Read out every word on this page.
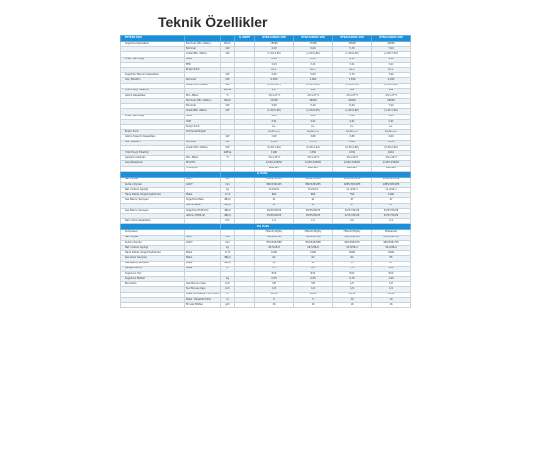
Teknik Özellikler
EPYLEO PRO			Iç ÜNITE	RTSA170DPA V08	RTSA191DPA V08	RTSA211DPA V08	RTSA231DPA V08
Soğutma Kapasitesi	Nominal (Min.-Maks.)	Btu/h		15000	17000	19500	24000
	Nominal	kW		4,20	5,00	5,70	7,00
	Aralık(Min.-Maks)	kW		(1,30-4,60)	(1,30-5,60)	(1,30-6,30)	(1,30-7,20)
Enerji Verimliliği	SEER			6,10	6,10	6,10	6,10
	EER			3,23	3,21	3,21	3,21
	Enerji Sınıfı			A++	A++	A++	A++
Soğutma Tasarım Kapasitesi		kW		4,20	5,00	5,70	7,00
Güç Tüketimi	Nominal	kW		0,950	1,062	1,590	2,180
	Aralık (Min.-Maks.)	kW		(0,30-1,67)	(0,30-1,92)	(0,30-2,50)	(0,30-2,80)
Yıllık Enerji Tüketimi		kWh/a		147	184	284	282
Isıtma Kapasitesi	Min.-Maks.	°C		-15/+27°C	-15/+27°C	-15/+27°C	-15/+27°C
	Nominal (Min.-Maks.)	Btu/h		17000	18000	22000	26000
	Nominal	kW		4,50	5,20	6,20	7,20
	Aralık(Min.-Maks)	kW		(1,30-5,00)	(1,30-6,00)	(1,30-6,80)	(1,30-7,60)
Enerji Verimliliği	SCOP			4,00	4,00	4,00	4,00
	COP			3,51	3,41	3,41	3,41
	Enerji Sınıfı			A+	A+	A+	A+
Enerji Sınıfı	Ort./Sıcak/Soğuk			A+/A+++	A+/A+++	A+/A+++	A+/A+++
Isıtma Tasarım Kapasitesi		kW		3,40	3,80	3,80	4,60
Güç Tüketimi	Nominal	kW		1,200	1,370	1,820	2,100
	Aralık (Min.-Maks.)	kW		(0,30-1,90)	(0,30-2,20)	(0,30-2,60)	(0,30-2,90)
Yıllık Enerji Tüketimi		kWh/a		1190	1330	1330	1610
Çalışma Aralıkları	Min.-Maks.	°C		-15/+24°C	-15/+24°C	-15/+24°C	-15/+24°C
Güç Beslemesi	Ph/V/Hz			1/220-240/50	1/220-240/50	1/220-240/50	1/220-240/50
	Fonksiyon			standart	standart	standart	standart
		Iç Ünite					
Net Ölçüler	G/D/Y	mm		836/275/209	836/275/209	1038/325/219	1038/325/219
Kutulu Ölçüler	G/D/Y	mm		880/345/265	880/345/265	1085/395/285	1085/395/285
Net / Kutulu Ağırlığı		kg		8,4/10,6	8,4/10,6	11,4/14,1	11,4/14,1
Hava Debisi (Soğutma/Isıtma)	Maks.	m³/h		660	660	750	1200
Ses Basınç Seviyesi	Soğutma Maks.	dB(A)		41	41	47	47
	Isıtma Maks.	dB(A)		41	41	47	47
Ses Basınç Seviyesi	Soğutma (H/M/L/S)	dB(A)		39/35/29/23	39/35/29/23	42/37/32/29	43/37/33/29
	Isıtma (H/M/L/S)	dB(A)		39/35/29/23	39/35/29/23	42/37/32/29	43/37/33/29
Nem Alma Kapasitesi		lt/h		1,2	1,5	2,0	2,4
		Dış Ünite					
Kompresör				Hitachi/Highly	Hitachi/Highly	Hitachi/Highly	Mitsubishi
Net Ölçüler	G/D/Y	mm		780/245/540	780/245/540	800/320/554	845/320/700
Kutulu Ölçüler	G/D/Y	mm		870/320/588	870/320/588	920/390/615	965/395/755
Net / Kutulu Ağırlığı		kg		26,5/28,8	26,5/28,8	33,8/36,2	42,0/46,0
Hava Debisi (Soğutma/Isıtma)	Maks.	m³/h		2100	2100	2500	2500
Ses Gücü Seviyesi	Maks.	dB(A)		62	62	64	65
Ses Basınç Seviyesi	Maks.	dB(A)		52	52	55	57
Çalışma Akımı	Maks.	A		5,7	6,2	7,9	10,2
Soğutucu Tipi				R32	R32	R32	R32
Soğutucu Miktarı		kg		0,55	0,55	0,75	1,00
Borulama	Gaz Borusu Çapı	inch		3/8	3/8	1/2	1/2
	Sıvı Borusu Çapı	inch		1/4	1/4	1/4	1/4
	Maks. Borulama / Ön Dolum	m		20/10	20/10	25/10	25/10
	Maks. Yükseklik Farkı	m		5	5	10	10
	Ek Gaz Miktarı	g/m		16	16	16	16
